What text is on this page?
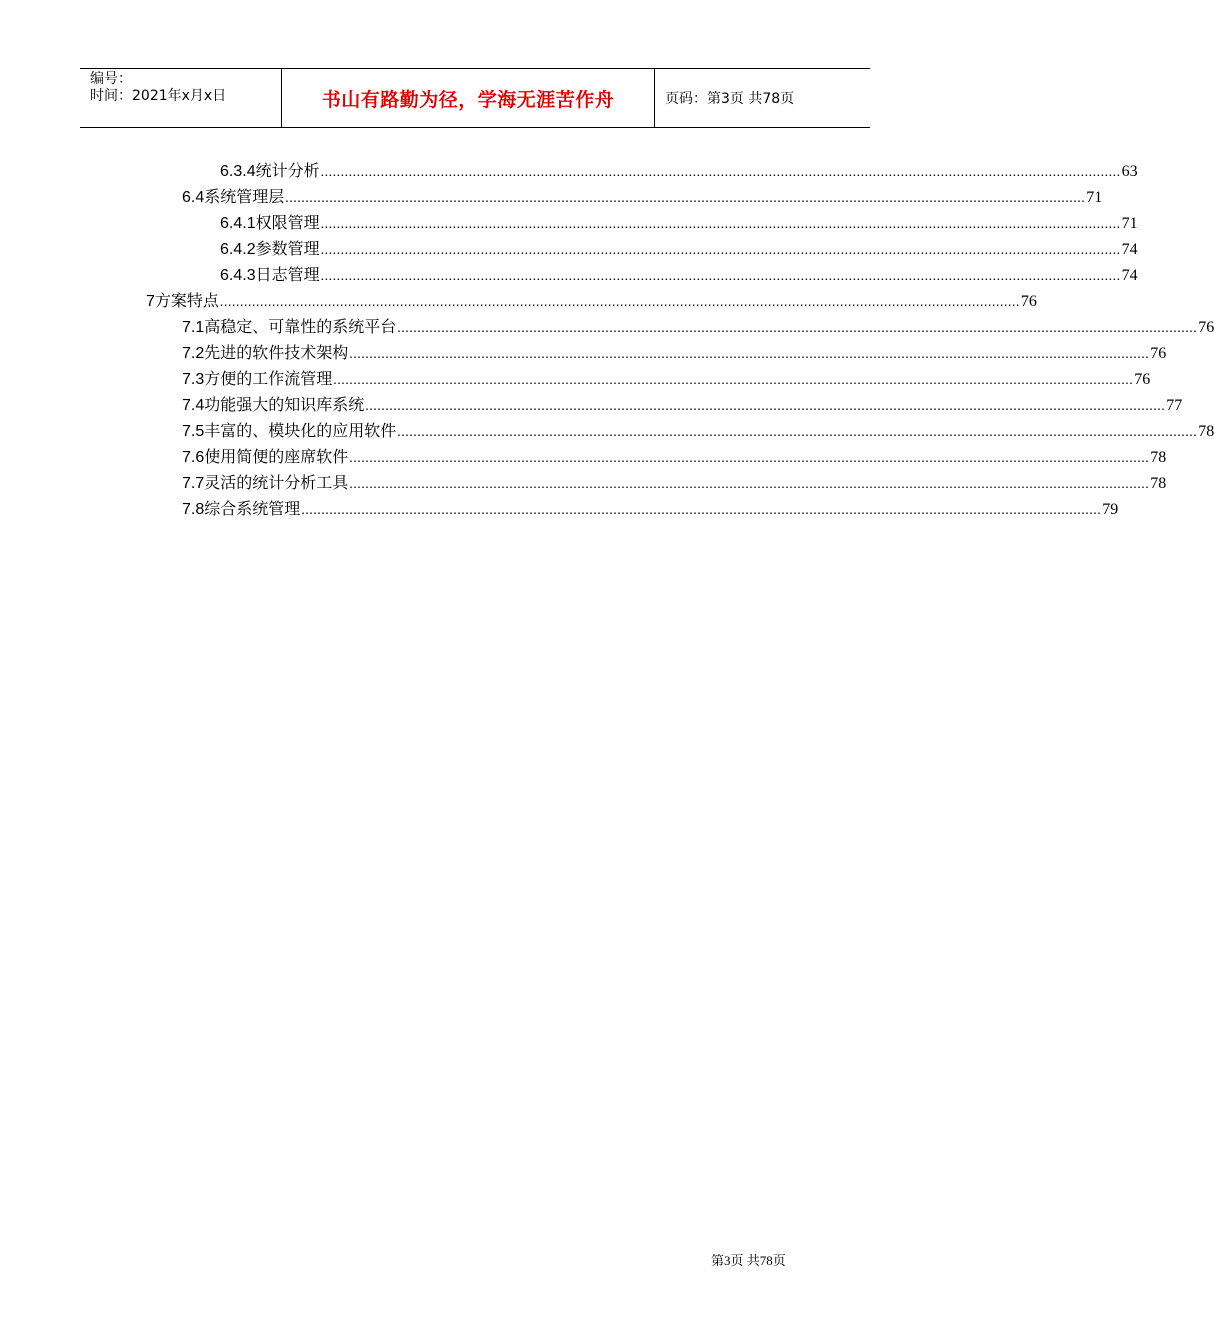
编号：
时间：2021年x月x日	书山有路勤为径，学海无涯苦作舟	页码：第3页 共78页
6.3.4 统计分析 ........................................................................................................................................................................................................ 63
6.4 系统管理层 ........................................................................................................................................................................................................ 71
6.4.1 权限管理 ........................................................................................................................................................................................................ 71
6.4.2 参数管理 ........................................................................................................................................................................................................ 74
6.4.3 日志管理 ........................................................................................................................................................................................................ 74
7 方案特点 ........................................................................................................................................................................................................ 76
7.1 高稳定、可靠性的系统平台 ........................................................................................................................................................................................................ 76
7.2 先进的软件技术架构 ........................................................................................................................................................................................................ 76
7.3 方便的工作流管理 ........................................................................................................................................................................................................ 76
7.4 功能强大的知识库系统 ........................................................................................................................................................................................................ 77
7.5 丰富的、模块化的应用软件 ........................................................................................................................................................................................................ 78
7.6 使用简便的座席软件 ........................................................................................................................................................................................................ 78
7.7 灵活的统计分析工具 ........................................................................................................................................................................................................ 78
7.8 综合系统管理 ........................................................................................................................................................................................................ 79
第3页 共78页
